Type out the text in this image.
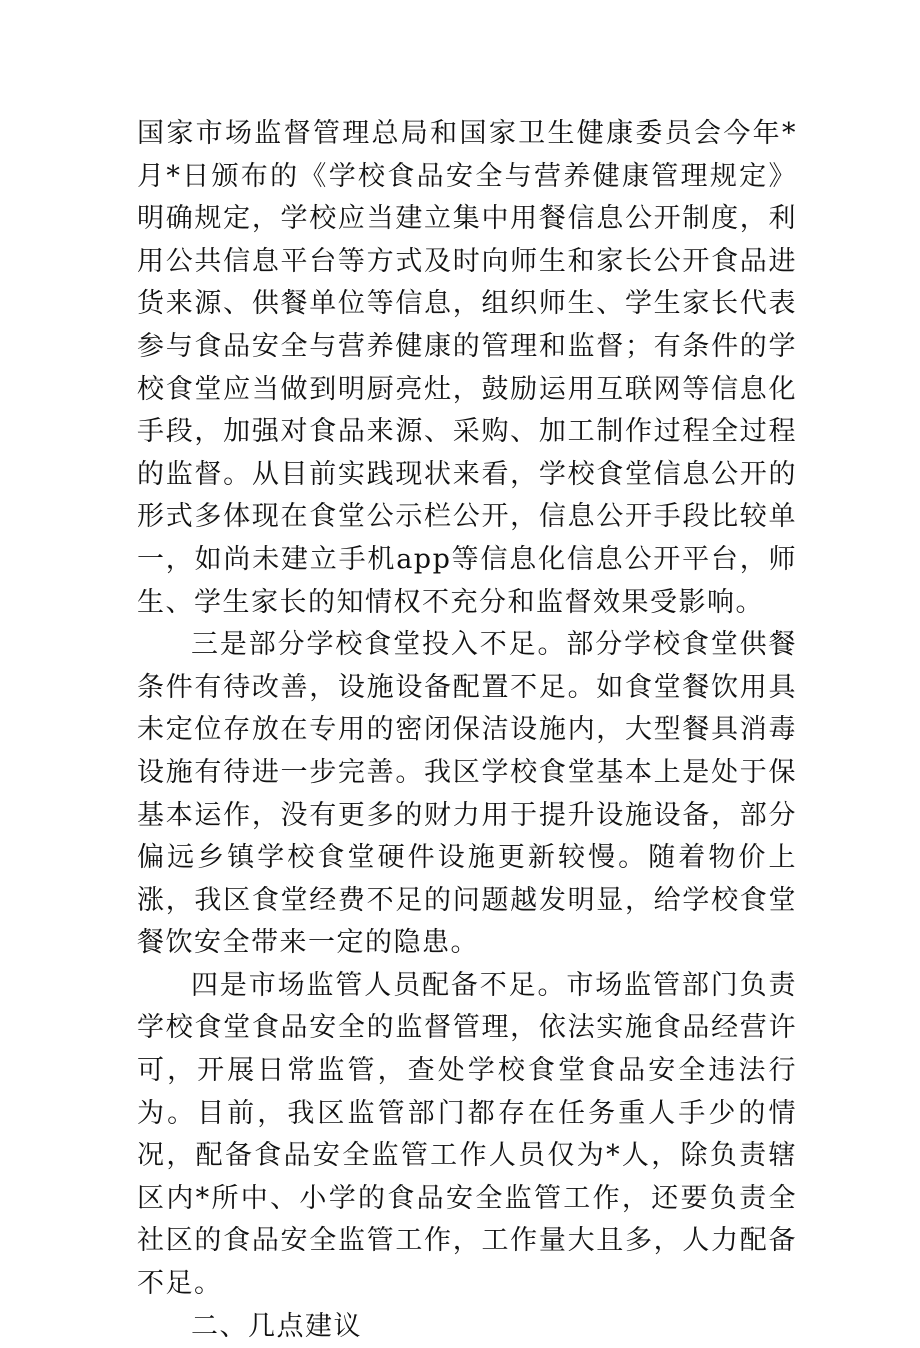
国家市场监督管理总局和国家卫生健康委员会今年*月*日颁布的《学校食品安全与营养健康管理规定》明确规定，学校应当建立集中用餐信息公开制度，利用公共信息平台等方式及时向师生和家长公开食品进货来源、供餐单位等信息，组织师生、学生家长代表参与食品安全与营养健康的管理和监督；有条件的学校食堂应当做到明厨亮灶，鼓励运用互联网等信息化手段，加强对食品来源、采购、加工制作过程全过程的监督。从目前实践现状来看，学校食堂信息公开的形式多体现在食堂公示栏公开，信息公开手段比较单一，如尚未建立手机app等信息化信息公开平台，师生、学生家长的知情权不充分和监督效果受影响。

三是部分学校食堂投入不足。部分学校食堂供餐条件有待改善，设施设备配置不足。如食堂餐饮用具未定位存放在专用的密闭保洁设施内，大型餐具消毒设施有待进一步完善。我区学校食堂基本上是处于保基本运作，没有更多的财力用于提升设施设备，部分偏远乡镇学校食堂硬件设施更新较慢。随着物价上涨，我区食堂经费不足的问题越发明显，给学校食堂餐饮安全带来一定的隐患。

四是市场监管人员配备不足。市场监管部门负责学校食堂食品安全的监督管理，依法实施食品经营许可，开展日常监管，查处学校食堂食品安全违法行为。目前，我区监管部门都存在任务重人手少的情况，配备食品安全监管工作人员仅为*人，除负责辖区内*所中、小学的食品安全监管工作，还要负责全社区的食品安全监管工作，工作量大且多，人力配备不足。

二、几点建议
